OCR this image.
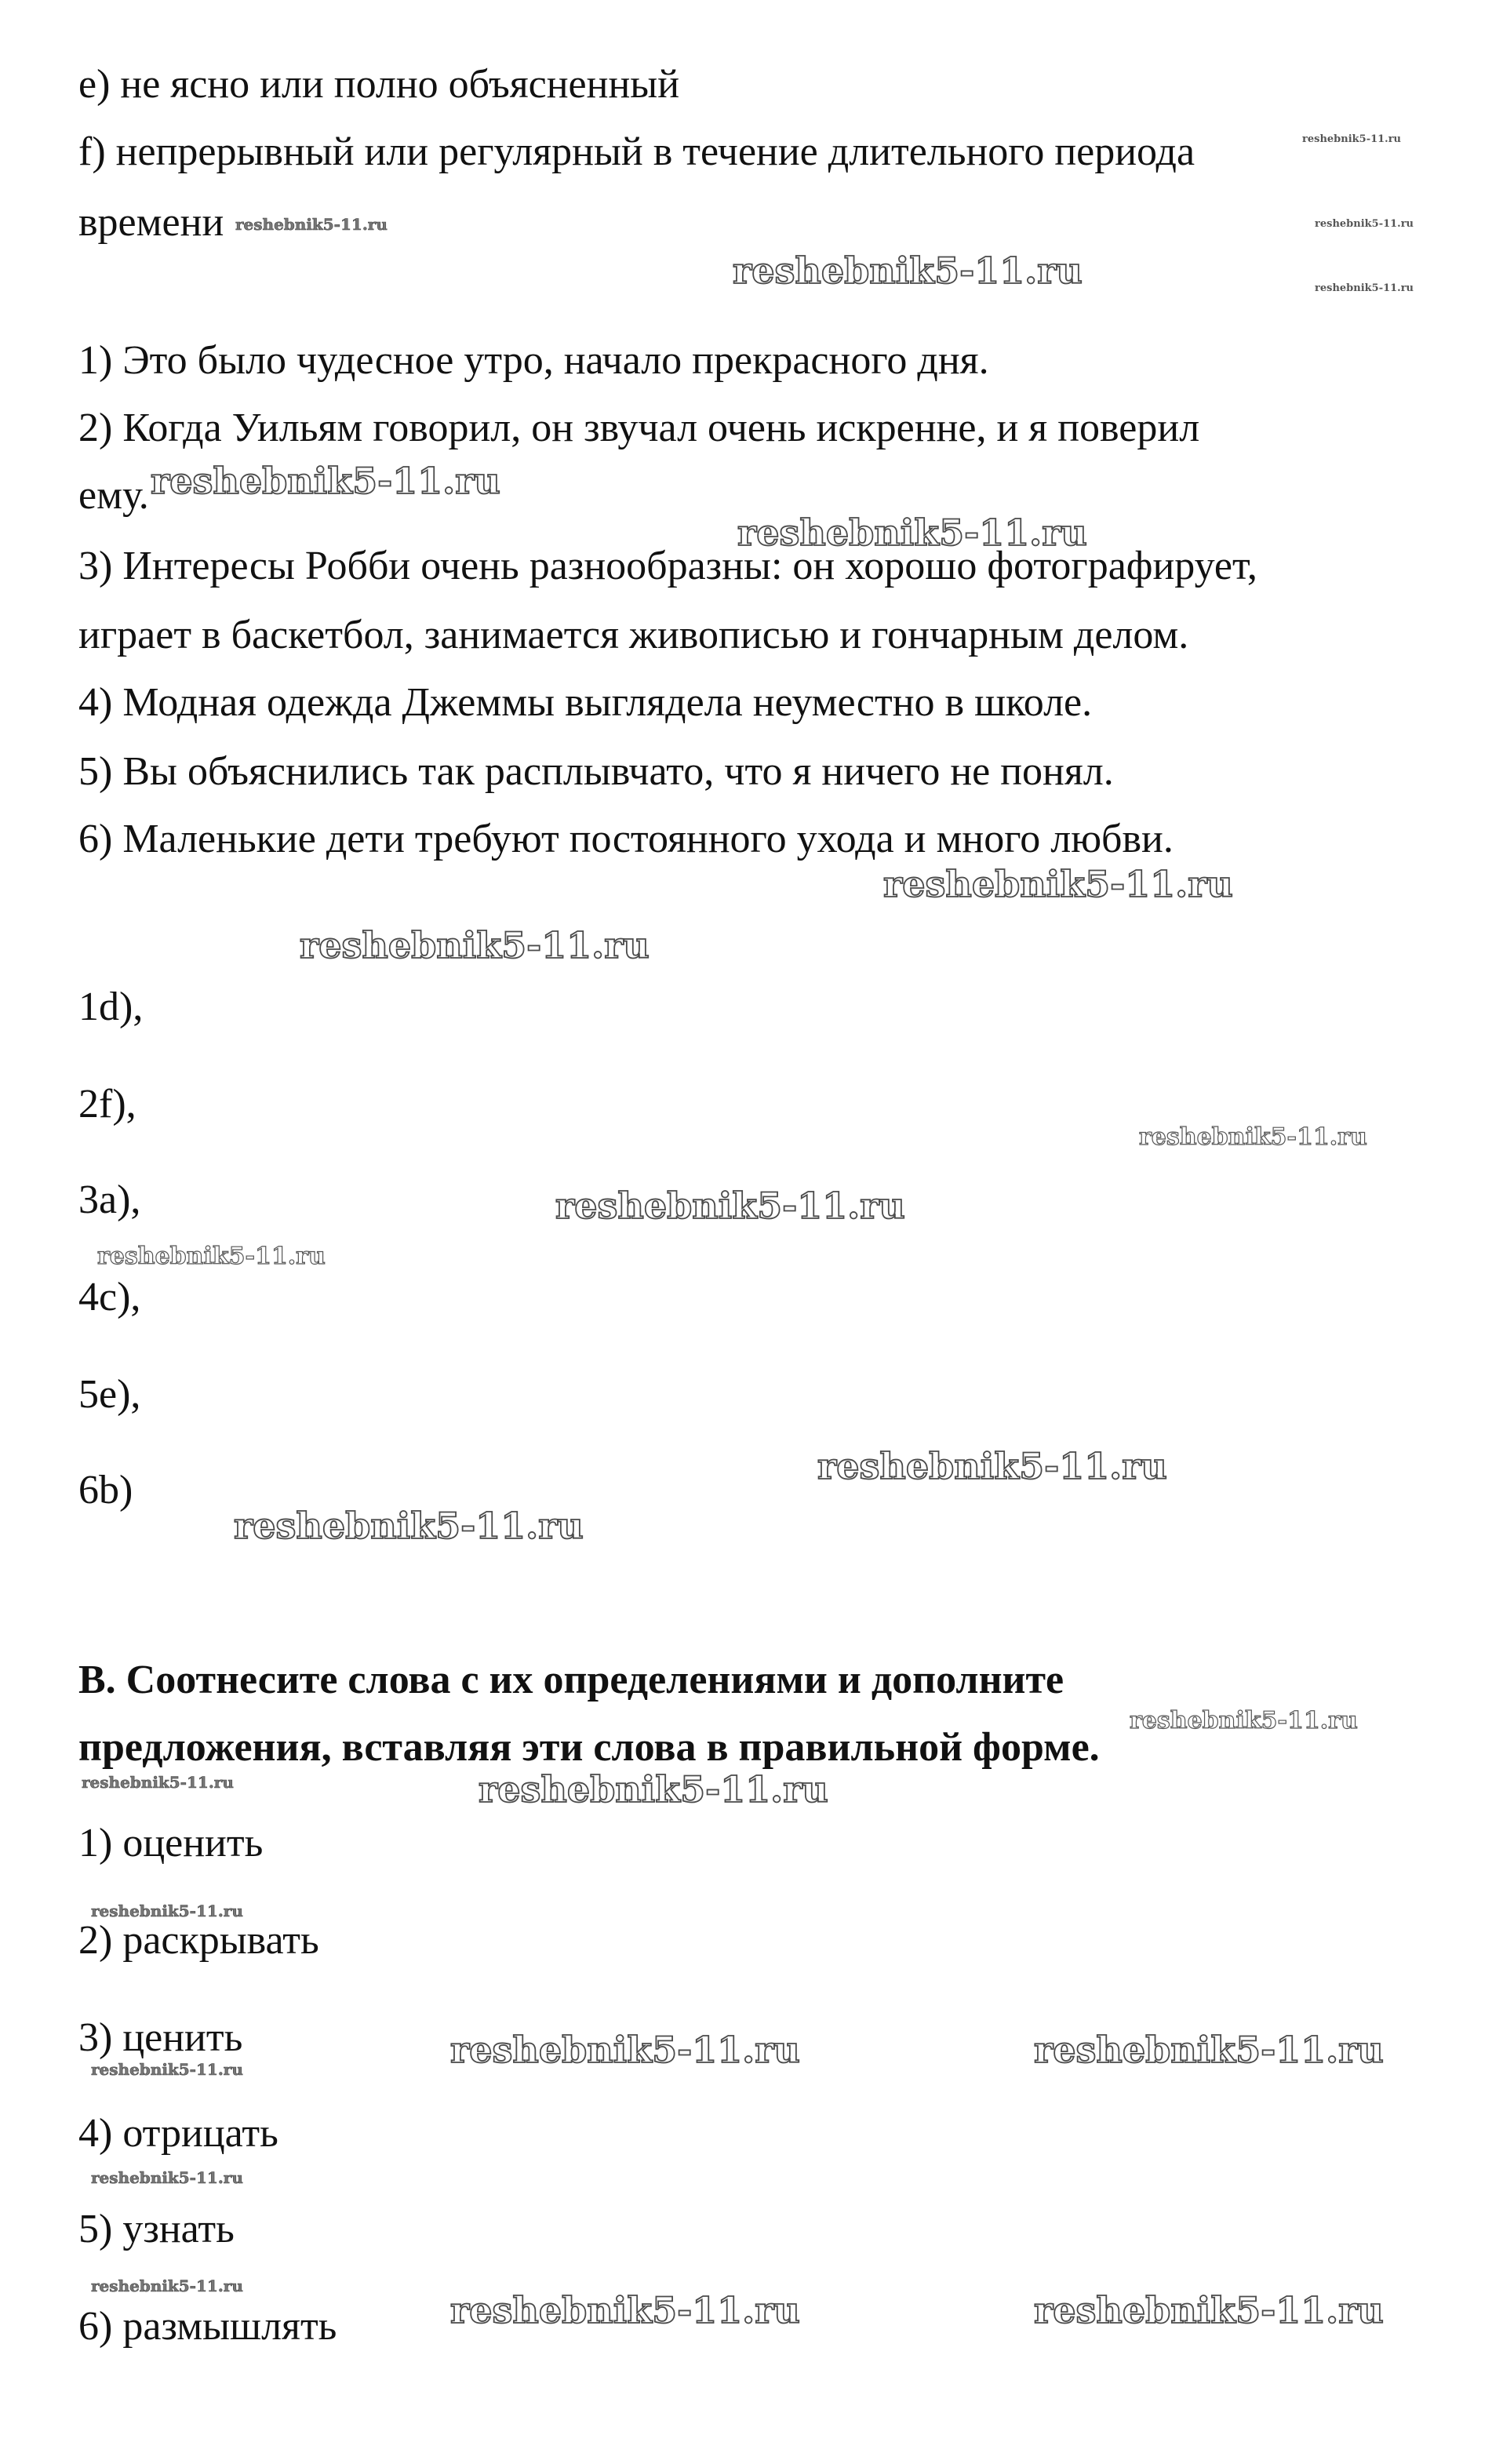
e) не ясно или полно объясненный
f) непрерывный или регулярный в течение длительного периода
времени
1) Это было чудесное утро, начало прекрасного дня.
2) Когда Уильям говорил, он звучал очень искренне, и я поверил
ему.
3) Интересы Робби очень разнообразны: он хорошо фотографирует,
играет в баскетбол, занимается живописью и гончарным делом.
4) Модная одежда Джеммы выглядела неуместно в школе.
5) Вы объяснились так расплывчато, что я ничего не понял.
6) Маленькие дети требуют постоянного ухода и много любви.
1d),
2f),
3a),
4c),
5e),
6b)
B. Соотнесите слова с их определениями и дополните
предложения, вставляя эти слова в правильной форме.
1) оценить
2) раскрывать
3) ценить
4) отрицать
5) узнать
6) размышлять
reshebnik5-11.ru
reshebnik5-11.ru	reshebnik5-11.ru
reshebnik5-11.ru	reshebnik5-11.ru
reshebnik5-11.ru
reshebnik5-11.ru
reshebnik5-11.ru
reshebnik5-11.ru
reshebnik5-11.ru
reshebnik5-11.ru
reshebnik5-11.ru
reshebnik5-11.ru
reshebnik5-11.ru
reshebnik5-11.ru
reshebnik5-11.ru	reshebnik5-11.ru
reshebnik5-11.ru
reshebnik5-11.ru	reshebnik5-11.ru
reshebnik5-11.ru
reshebnik5-11.ru
reshebnik5-11.ru
reshebnik5-11.ru	reshebnik5-11.ru
